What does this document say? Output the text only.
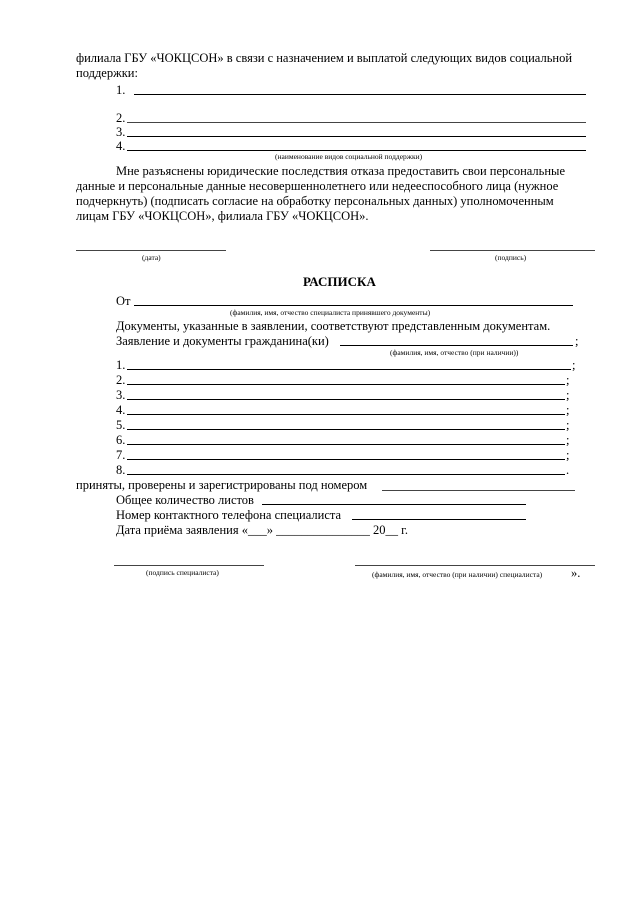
филиала ГБУ «ЧОКЦСОН» в связи с назначением и выплатой следующих видов социальной
поддержки:
1.
2.
3.
4.
(наименование видов социальной поддержки)
Мне разъяснены юридические последствия отказа предоставить свои персональные
данные и персональные данные несовершеннолетнего или недееспособного лица (нужное
подчеркнуть) (подписать согласие на обработку персональных данных) уполномоченным
лицам ГБУ «ЧОКЦСОН», филиала ГБУ «ЧОКЦСОН».
(дата)	(подпись)
РАСПИСКА
От
(фамилия, имя, отчество специалиста принявшего документы)
Документы, указанные в заявлении, соответствуют представленным документам.
Заявление и документы гражданина(ки)	;
(фамилия, имя, отчество (при наличии))
1.	;
2.	;
3.	;
4.	;
5.	;
6.	;
7.	;
8.	.
приняты, проверены и зарегистрированы под номером
Общее количество листов
Номер контактного телефона специалиста
Дата приёма заявления «___» _______________ 20__ г.
(подпись специалиста)	(фамилия, имя, отчество (при наличии) специалиста) ».
